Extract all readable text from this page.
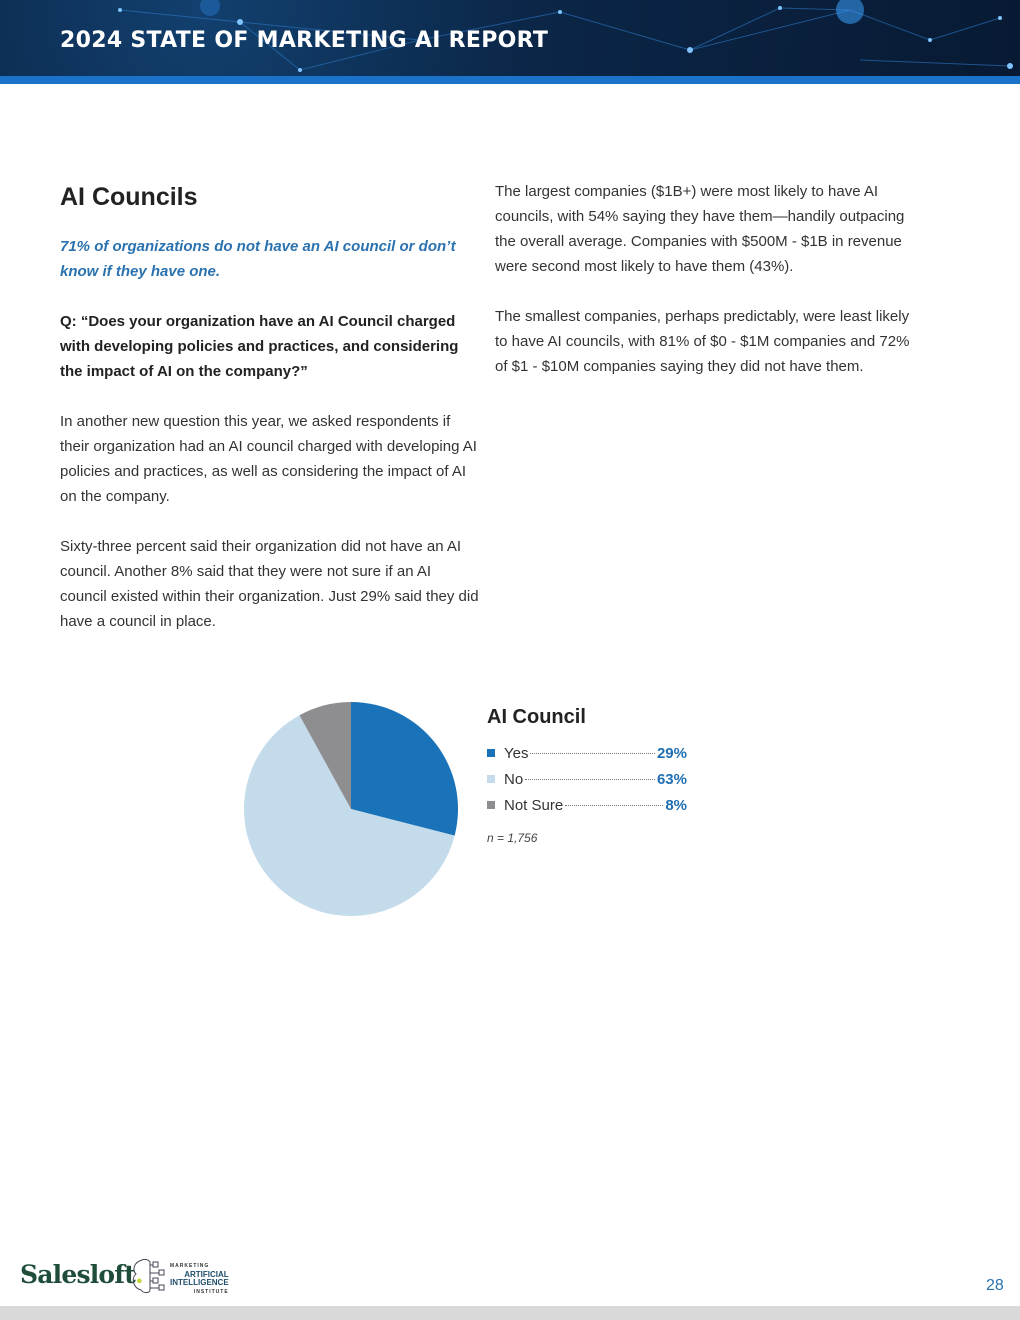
2024 STATE OF MARKETING AI REPORT
AI Councils

71% of organizations do not have an AI council or don’t know if they have one.

Q: “Does your organization have an AI Council charged with developing policies and practices, and considering the impact of AI on the company?”

In another new question this year, we asked respondents if their organization had an AI council charged with developing AI policies and practices, as well as considering the impact of AI on the company.

Sixty-three percent said their organization did not have an AI council. Another 8% said that they were not sure if an AI council existed within their organization. Just 29% said they did have a council in place.

The largest companies ($1B+) were most likely to have AI councils, with 54% saying they have them—handily outpacing the overall average. Companies with $500M - $1B in revenue were second most likely to have them (43%).

The smallest companies, perhaps predictably, were least likely to have AI councils, with 81% of $0 - $1M companies and 72% of $1 - $10M companies saying they did not have them.

AI Council
Yes	29%
No	63%
Not Sure	8%
n = 1,756
Salesloft.	MARKETING
ARTIFICIAL
INTELLIGENCE
INSTITUTE	28
